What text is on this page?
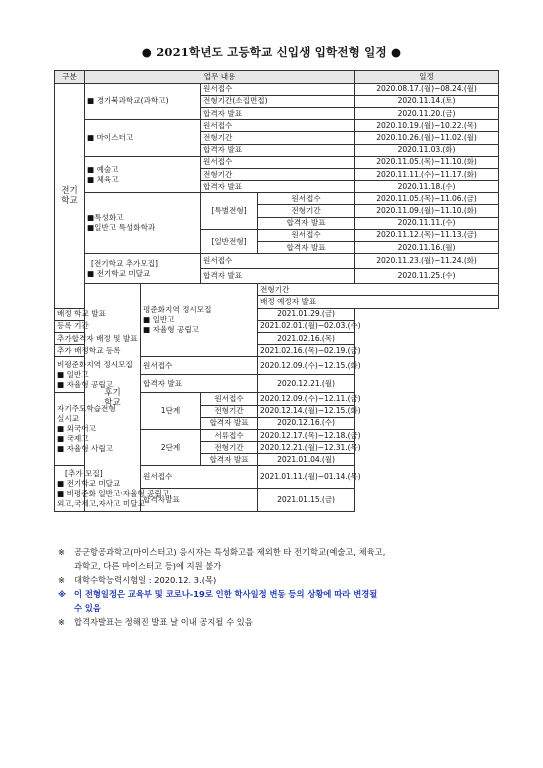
● 2021학년도 고등학교 신입생 입학전형 일정 ●
구분	업무 내용				일정	
전기
학교	■ 경기북과학교(과학고)		원서접수		2020.08.17.(월)~08.24.(월)	
			전형기간(소집면접)		2020.11.14.(토)	
			합격자 발표		2020.11.20.(금)	
	■ 마이스터고		원서접수		2020.10.19.(월)~10.22.(목)	
			전형기간		2020.10.26.(월)~11.02.(월)	
			합격자 발표		2020.11.03.(화)	

	■ 예술고
■ 체육고		원서접수		2020.11.05.(목)~11.10.(화)	
			전형기간		2020.11.11.(수)~11.17.(화)	
			합격자 발표		2020.11.18.(수)	

	■특성화고
■일반고 특성화학과		[특별전형]	원서접수	2020.11.05.(목)~11.06.(금)	
				전형기간	2020.11.09.(월)~11.10.(화)	
				합격자 발표	2020.11.11.(수)	
			[일반전형]	원서접수	2020.11.12.(목)~11.13.(금)	
				합격자 발표	2020.11.16.(월)	

	[전기학교 추가모집]
■ 전기학교 미달교		원서접수		2020.11.23.(월)~11.24.(화)	
			합격자 발표		2020.11.25.(수)	
	후기
학교	평준화지역 정시모집
■ 일반고
■ 자율형 공립고		전형기간	
				배정 예정자 발표	
배정 학교 발표				2021.01.29.(금)		
등록 기간				2021.02.01.(월)~02.03.(수)		
추가합격자 배정 및 발표				2021.02.16.(목)		
추가 배정학교 등록				2021.02.16.(목)~02.19.(금)		

비평준화지역 정시모집
■ 일반고
■ 자율형 공립고		원서접수		2020.12.09.(수)~12.15.(화)		
		합격자 발표		2020.12.21.(월)		

자기주도학습전형
실시교
■ 외국어고
■ 국제고
■ 자율형 사립고		1단계	원서접수	2020.12.09.(수)~12.11.(금)		
			전형기간	2020.12.14.(월)~12.15.(화)		
			합격자 발표	2020.12.16.(수)		
		2단계	서류접수	2020.12.17.(목)~12.18.(금)		
			전형기간	2020.12.21.(월)~12.31.(목)		
			합격자 발표	2021.01.04.(월)		

[추가 모집]
■ 전기학교 미달교
■ 비평준화 일반고·자율형 공립고,
외고,국제고,자사고 미달교		원서접수		2021.01.11.(월)~01.14.(목)		
		합격자발표		2021.01.15.(금)		
※	공군항공과학고(마이스터고) 응시자는 특성화고를 제외한 타 전기학교(예술고, 체육고,
과학고, 다른 마이스터고 등)에 지원 불가
※	대학수학능력시험일 : 2020.12. 3.(목)
※ 이 전형일정은 교육부 및 코로나-19로 인한 학사일정 변동 등의 상황에 따라 변경될
수 있음
※	합격자발표는 정해진 발표 날 이내 공지될 수 있음
